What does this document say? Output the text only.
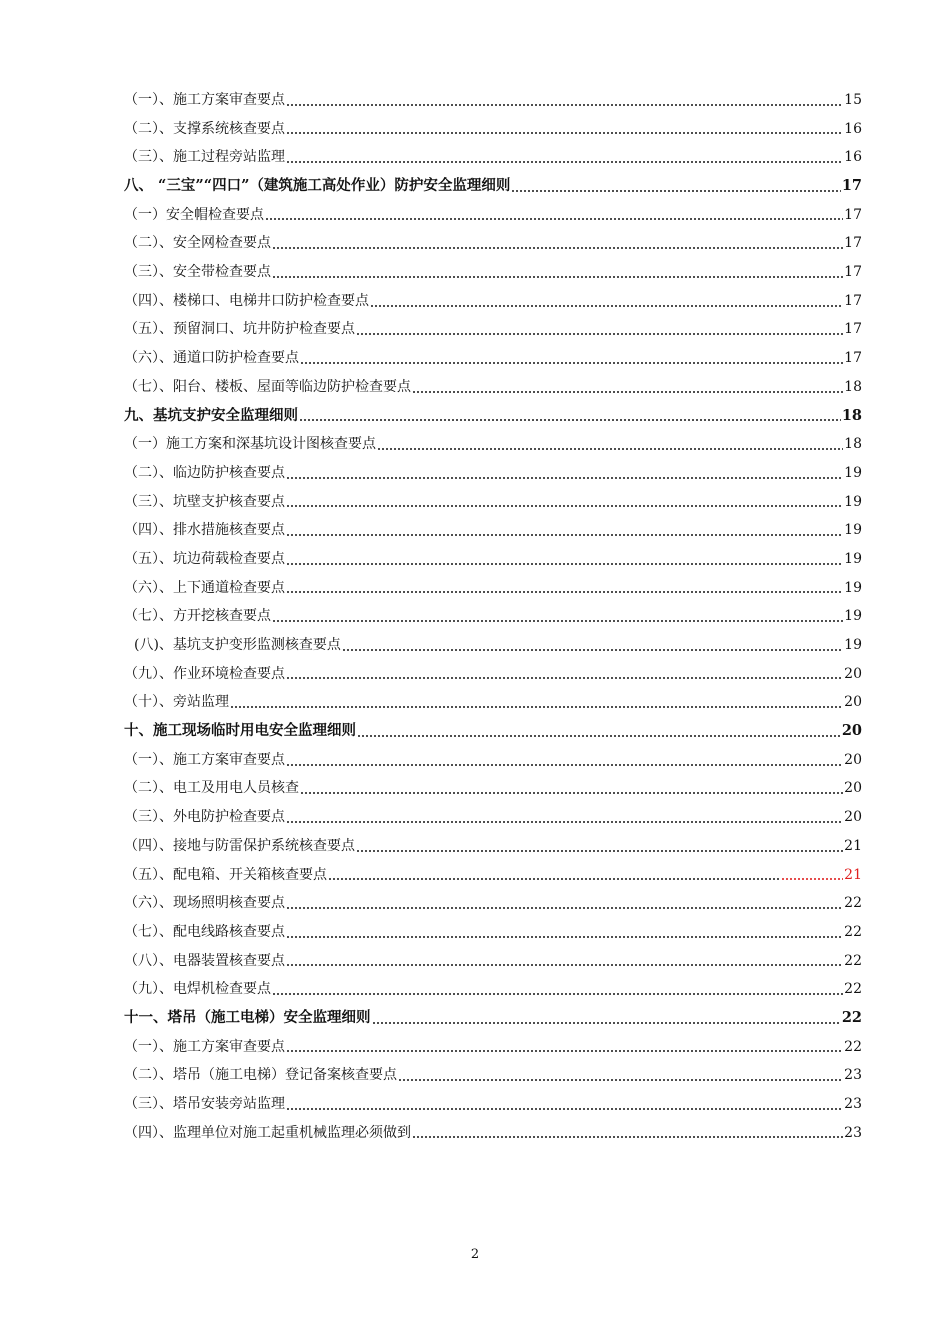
（一）、施工方案审查要点	15
（二）、支撑系统核查要点	16
（三）、施工过程旁站监理	16
八、 “三宝”“四口”（建筑施工高处作业）防护安全监理细则	17
（一）安全帽检查要点	17
（二）、安全网检查要点	17
（三）、安全带检查要点	17
（四）、楼梯口、电梯井口防护检查要点	17
（五）、预留洞口、坑井防护检查要点	17
（六）、通道口防护检查要点	17
（七）、阳台、楼板、屋面等临边防护检查要点	18
九、基坑支护安全监理细则	18
（一）施工方案和深基坑设计图核查要点	18
（二）、临边防护核查要点	19
（三）、坑壁支护核查要点	19
（四）、排水措施核查要点	19
（五）、坑边荷载检查要点	19
（六）、上下通道检查要点	19
（七）、方开挖核查要点	19
(八)、基坑支护变形监测核查要点	19
（九）、作业环境检查要点	20
（十）、旁站监理	20
十、施工现场临时用电安全监理细则	20
（一）、施工方案审查要点	20
（二）、电工及用电人员核查	20
（三）、外电防护检查要点	20
（四）、接地与防雷保护系统核查要点	21
（五）、配电箱、开关箱核查要点	21
（六）、现场照明核查要点	22
（七）、配电线路核查要点	22
（八）、电器装置核查要点	22
（九）、电焊机检查要点	22
十一、塔吊（施工电梯）安全监理细则	22
（一）、施工方案审查要点	22
（二）、塔吊（施工电梯）登记备案核查要点	23
（三）、塔吊安装旁站监理	23
（四）、监理单位对施工起重机械监理必须做到	23
2
